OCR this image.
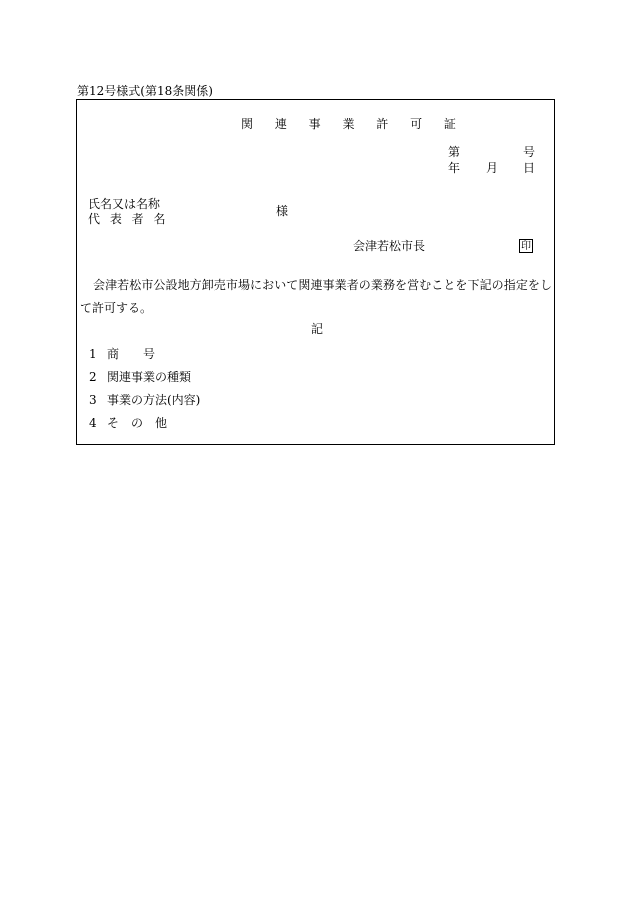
第12号様式(第18条関係)
関 連 事 業 許 可 証
第	号
年 月 日
氏名又は名称
代 表 者 名
様
会津若松市長	印
会津若松市公設地方卸売市場において関連事業者の業務を営むことを下記の指定をして許可する。
記
1 商　　号
2 関連事業の種類
3 事業の方法(内容)
4 そ　の　他
